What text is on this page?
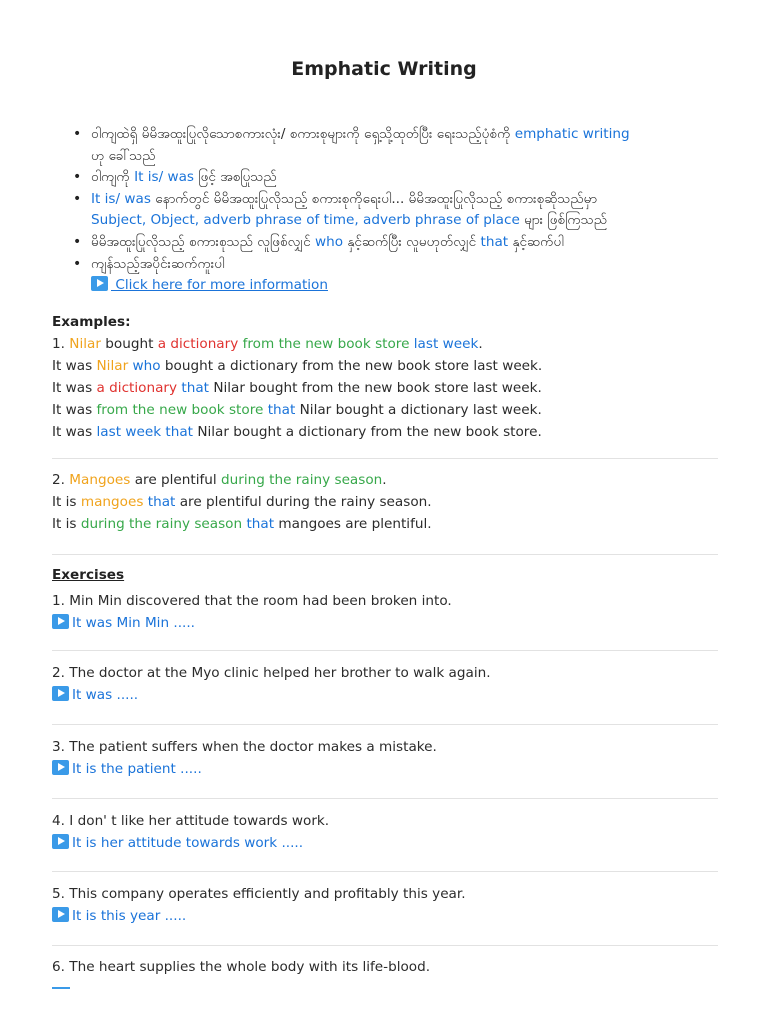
Emphatic Writing
• ဝါကျထဲရှိ မိမိအထူးပြုလိုသောစကားလုံး/ စကားစုများကို ရှေ့သို့ထုတ်ပြီး ရေးသည့်ပုံစံကို emphatic writing
ဟု ခေါ်သည်
• ဝါကျကို It is/ was ဖြင့် အစပြုသည်
• It is/ was နောက်တွင် မိမိအထူးပြုလိုသည့် စကားစုကိုရေးပါ... မိမိအထူးပြုလိုသည့် စကားစုဆိုသည်မှာ
Subject, Object, adverb phrase of time, adverb phrase of place များ ဖြစ်ကြသည်
• မိမိအထူးပြုလိုသည့် စကားစုသည် လူဖြစ်လျှင် who နှင့်ဆက်ပြီး လူမဟုတ်လျှင် that နှင့်ဆက်ပါ
• ကျန်သည့်အပိုင်းဆက်ကူးပါ
Click here for more information
Examples:
1. Nilar bought a dictionary from the new book store last week.
It was Nilar who bought a dictionary from the new book store last week.
It was a dictionary that Nilar bought from the new book store last week.
It was from the new book store that Nilar bought a dictionary last week.
It was last week that Nilar bought a dictionary from the new book store.
2. Mangoes are plentiful during the rainy season.
It is mangoes that are plentiful during the rainy season.
It is during the rainy season that mangoes are plentiful.
Exercises
1. Min Min discovered that the room had been broken into.
It was Min Min .....
2. The doctor at the Myo clinic helped her brother to walk again.
It was .....
3. The patient suffers when the doctor makes a mistake.
It is the patient .....
4. I don' t like her attitude towards work.
It is her attitude towards work .....
5. This company operates efficiently and profitably this year.
It is this year .....
6. The heart supplies the whole body with its life-blood.
